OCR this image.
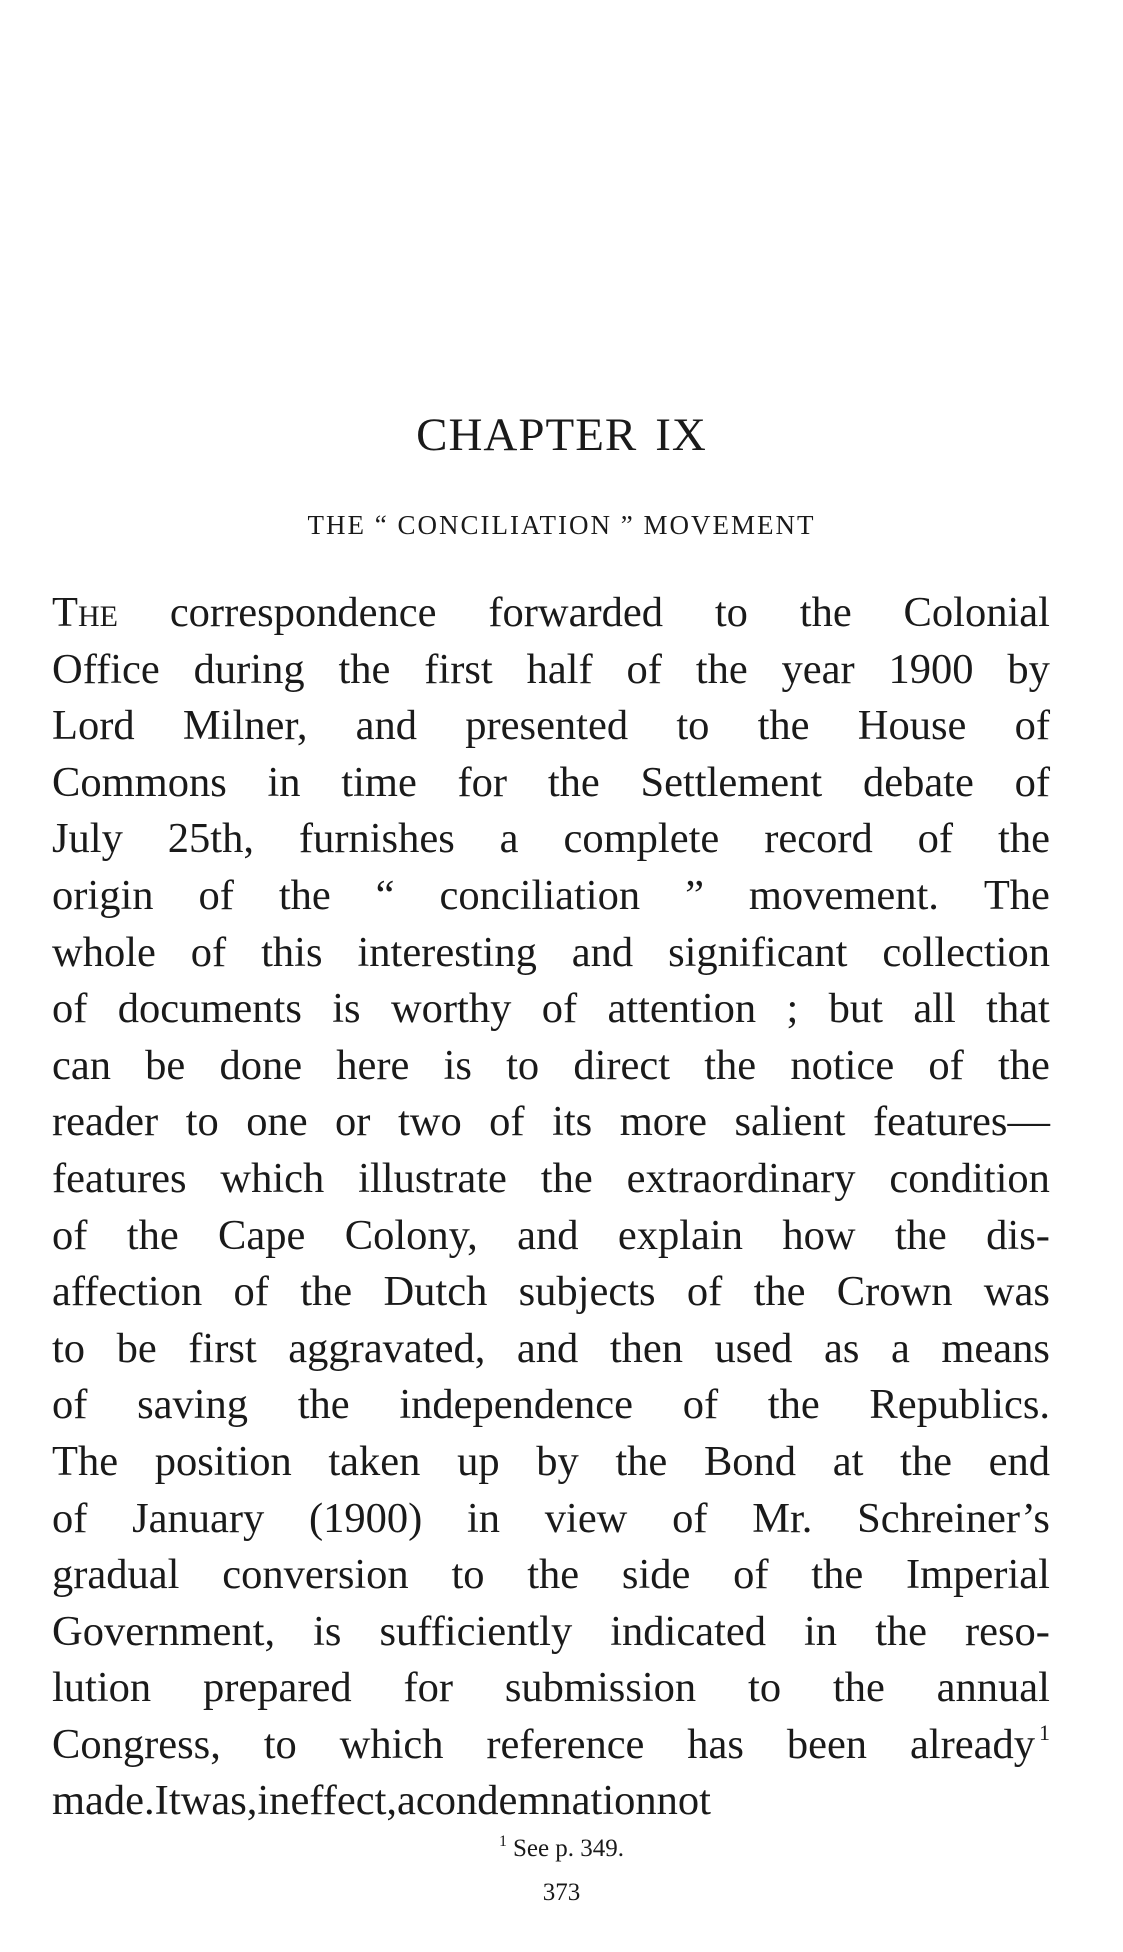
CHAPTER IX
THE “ CONCILIATION ” MOVEMENT
The correspondence forwarded to the Colonial
Office during the first half of the year 1900 by
Lord Milner, and presented to the House of
Commons in time for the Settlement debate of
July 25th, furnishes a complete record of the
origin of the “ conciliation ” movement. The
whole of this interesting and significant collection
of documents is worthy of attention ; but all that
can be done here is to direct the notice of the
reader to one or two of its more salient features—
features which illustrate the extraordinary condition
of the Cape Colony, and explain how the dis-
affection of the Dutch subjects of the Crown was
to be first aggravated, and then used as a means
of saving the independence of the Republics.
The position taken up by the Bond at the end
of January (1900) in view of Mr. Schreiner’s
gradual conversion to the side of the Imperial
Government, is sufficiently indicated in the reso-
lution prepared for submission to the annual
Congress, to which reference has been already $^1$
made. It was, in effect, a condemnation not
$^1$ See p. 349.
373
